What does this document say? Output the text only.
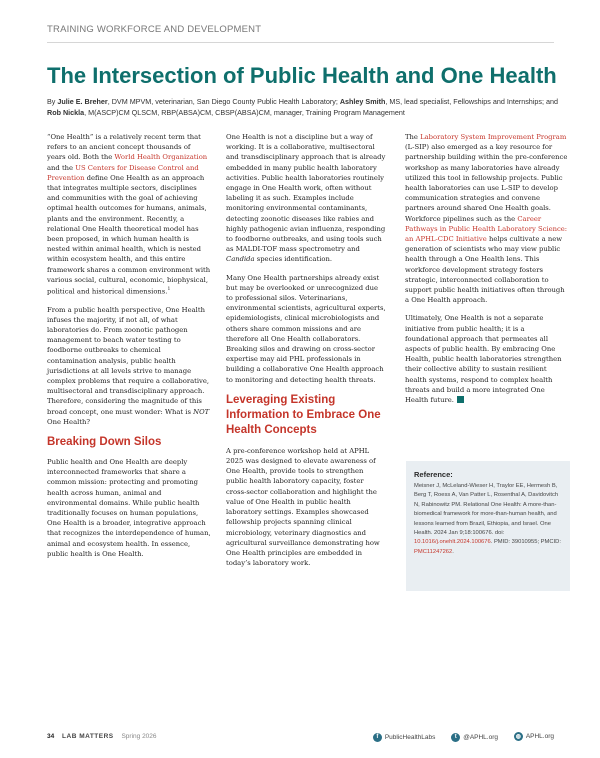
TRAINING WORKFORCE AND DEVELOPMENT
The Intersection of Public Health and One Health
By Julie E. Breher, DVM MPVM, veterinarian, San Diego County Public Health Laboratory; Ashley Smith, MS, lead specialist, Fellowships and Internships; and Rob Nickla, M(ASCP)CM QLSCM, RBP(ABSA)CM, CBSP(ABSA)CM, manager, Training Program Management

“One Health” is a relatively recent term that refers to an ancient concept thousands of years old. Both the World Health Organization and the US Centers for Disease Control and Prevention define One Health as an approach that integrates multiple sectors, disciplines and communities with the goal of achieving optimal health outcomes for humans, animals, plants and the environment. Recently, a relational One Health theoretical model has been proposed, in which human health is nested within animal health, which is nested within ecosystem health, and this entire framework shares a common environment with various social, cultural, economic, biophysical, political and historical dimensions.$^1$

From a public health perspective, One Health infuses the majority, if not all, of what laboratories do. From zoonotic pathogen management to beach water testing to foodborne outbreaks to chemical contamination analysis, public health jurisdictions at all levels strive to manage complex problems that require a collaborative, multisectoral and transdisciplinary approach. Therefore, considering the magnitude of this broad concept, one must wonder: What is NOT One Health?

Breaking Down Silos

Public health and One Health are deeply interconnected frameworks that share a common mission: protecting and promoting health across human, animal and environmental domains. While public health traditionally focuses on human populations, One Health is a broader, integrative approach that recognizes the interdependence of human, animal and ecosystem health. In essence, public health is One Health.

One Health is not a discipline but a way of working. It is a collaborative, multisectoral and transdisciplinary approach that is already embedded in many public health laboratory activities. Public health laboratories routinely engage in One Health work, often without labeling it as such. Examples include monitoring environmental contaminants, detecting zoonotic diseases like rabies and highly pathogenic avian influenza, responding to foodborne outbreaks, and using tools such as MALDI-TOF mass spectrometry and Candida species identification.

Many One Health partnerships already exist but may be overlooked or unrecognized due to professional silos. Veterinarians, environmental scientists, agricultural experts, epidemiologists, clinical microbiologists and others share common missions and are therefore all One Health collaborators. Breaking silos and drawing on cross-sector expertise may aid PHL professionals in building a collaborative One Health approach to monitoring and detecting health threats.

Leveraging Existing Information to Embrace One Health Concepts

A pre-conference workshop held at APHL 2025 was designed to elevate awareness of One Health, provide tools to strengthen public health laboratory capacity, foster cross-sector collaboration and highlight the value of One Health in public health laboratory settings. Examples showcased fellowship projects spanning clinical microbiology, veterinary diagnostics and agricultural surveillance demonstrating how One Health principles are embedded in today’s laboratory work.

The Laboratory System Improvement Program (L-SIP) also emerged as a key resource for partnership building within the pre-conference workshop as many laboratories have already utilized this tool in fellowship projects. Public health laboratories can use L-SIP to develop communication strategies and convene partners around shared One Health goals. Workforce pipelines such as the Career Pathways in Public Health Laboratory Science: an APHL-CDC Initiative helps cultivate a new generation of scientists who may view public health through a One Health lens. This workforce development strategy fosters strategic, interconnected collaboration to support public health initiatives often through a One Health approach.

Ultimately, One Health is not a separate initiative from public health; it is a foundational approach that permeates all aspects of public health. By embracing One Health, public health laboratories strengthen their collective ability to sustain resilient health systems, respond to complex health threats and build a more integrated One Health future.

Reference:
Meisner J, McLeland-Wieser H, Traylor EE, Hermesh B, Berg T, Roess A, Van Patter L, Rosenthal A, Davidovitch N, Rabinowitz PM. Relational One Health: A more-than-biomedical framework for more-than-human health, and lessons learned from Brazil, Ethiopia, and Israel. One Health. 2024 Jan 9;18:100676. doi: 10.1016/j.onehlt.2024.100676. PMID: 39010955; PMCID: PMC11247262.
34 LAB MATTERS Spring 2026	f	PublicHealthLabs
	t	@APHL.org
	◍ APHL.org
